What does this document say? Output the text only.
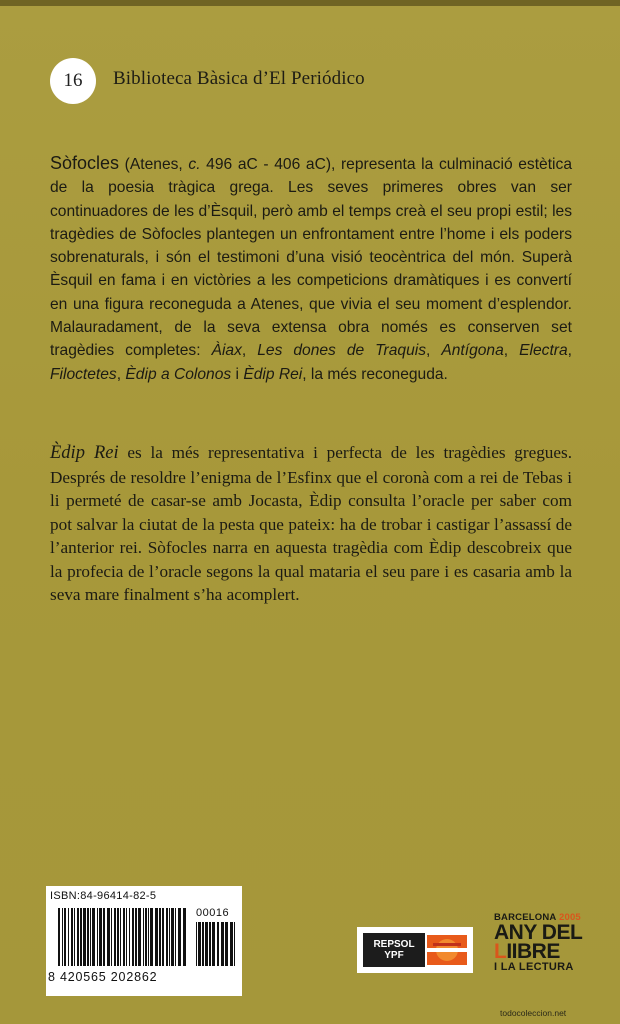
16	Biblioteca Bàsica d’El Periódico

Sòfocles (Atenes, c. 496 aC - 406 aC), representa la culminació estètica de la poesia tràgica grega. Les seves primeres obres van ser continuadores de les d’Èsquil, però amb el temps creà el seu propi estil; les tragèdies de Sòfocles plantegen un enfrontament entre l’home i els poders sobrenaturals, i són el testimoni d’una visió teocèntrica del món. Superà Èsquil en fama i en victòries a les competicions dramàtiques i es convertí en una figura reconeguda a Atenes, que vivia el seu moment d’esplendor. Malauradament, de la seva extensa obra només es conserven set tragèdies completes: Àiax, Les dones de Traquis, Antígona, Electra, Filoctetes, Èdip a Colonos i Èdip Rei, la més reconeguda.

Èdip Rei es la més representativa i perfecta de les tragèdies gregues. Després de resoldre l’enigma de l’Esfinx que el coronà com a rei de Tebas i li permeté de casar-se amb Jocasta, Èdip consulta l’oracle per saber com pot salvar la ciutat de la pesta que pateix: ha de trobar i castigar l’assassí de l’anterior rei. Sòfocles narra en aquesta tragèdia com Èdip descobreix que la profecia de l’oracle segons la qual mataria el seu pare i es casaria amb la seva mare finalment s’ha acomplert.

ISBN:84-96414-82-5
00016
8 420565 202862
REPSOL
YPF
BARCELONA 2005
ANY DEL
LIIBRE
I LA LECTURA
todocoleccion.net
